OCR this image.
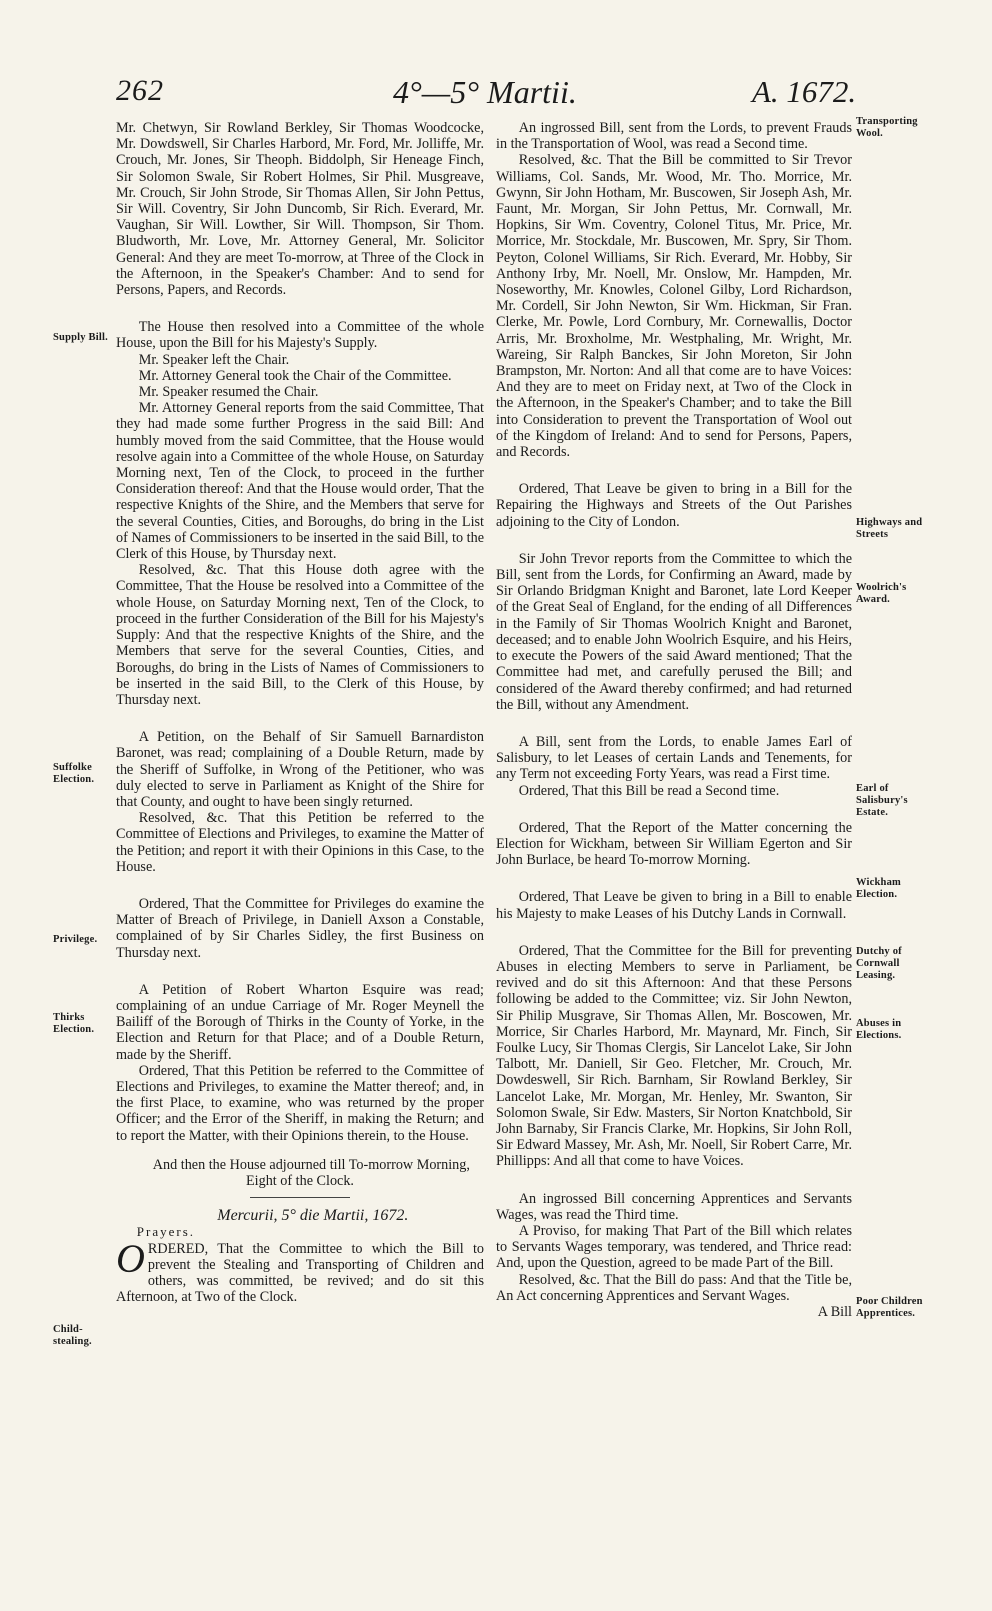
262	4°—5° Martii.	A. 1672.
Supply Bill.
Suffolke Election.
Privilege.
Thirks Election.
Child-stealing.
Transporting Wool.
Highways and Streets
Woolrich's Award.
Earl of Salisbury's Estate.
Wickham Election.
Dutchy of Cornwall Leasing.
Abuses in Elections.
Poor Children Apprentices.

Mr. Chetwyn, Sir Rowland Berkley, Sir Thomas Woodcocke, Mr. Dowdswell, Sir Charles Harbord, Mr. Ford, Mr. Jolliffe, Mr. Crouch, Mr. Jones, Sir Theoph. Biddolph, Sir Heneage Finch, Sir Solomon Swale, Sir Robert Holmes, Sir Phil. Musgreave, Mr. Crouch, Sir John Strode, Sir Thomas Allen, Sir John Pettus, Sir Will. Coventry, Sir John Duncomb, Sir Rich. Everard, Mr. Vaughan, Sir Will. Lowther, Sir Will. Thompson, Sir Thom. Bludworth, Mr. Love, Mr. Attorney General, Mr. Solicitor General: And they are meet To-morrow, at Three of the Clock in the Afternoon, in the Speaker's Chamber: And to send for Persons, Papers, and Records.

The House then resolved into a Committee of the whole House, upon the Bill for his Majesty's Supply.

Mr. Speaker left the Chair.

Mr. Attorney General took the Chair of the Committee.

Mr. Speaker resumed the Chair.

Mr. Attorney General reports from the said Committee, That they had made some further Progress in the said Bill: And humbly moved from the said Committee, that the House would resolve again into a Committee of the whole House, on Saturday Morning next, Ten of the Clock, to proceed in the further Consideration thereof: And that the House would order, That the respective Knights of the Shire, and the Members that serve for the several Counties, Cities, and Boroughs, do bring in the List of Names of Commissioners to be inserted in the said Bill, to the Clerk of this House, by Thursday next.

Resolved, &c. That this House doth agree with the Committee, That the House be resolved into a Committee of the whole House, on Saturday Morning next, Ten of the Clock, to proceed in the further Consideration of the Bill for his Majesty's Supply: And that the respective Knights of the Shire, and the Members that serve for the several Counties, Cities, and Boroughs, do bring in the Lists of Names of Commissioners to be inserted in the said Bill, to the Clerk of this House, by Thursday next.

A Petition, on the Behalf of Sir Samuell Barnardiston Baronet, was read; complaining of a Double Return, made by the Sheriff of Suffolke, in Wrong of the Petitioner, who was duly elected to serve in Parliament as Knight of the Shire for that County, and ought to have been singly returned.

Resolved, &c. That this Petition be referred to the Committee of Elections and Privileges, to examine the Matter of the Petition; and report it with their Opinions in this Case, to the House.

Ordered, That the Committee for Privileges do examine the Matter of Breach of Privilege, in Daniell Axson a Constable, complained of by Sir Charles Sidley, the first Business on Thursday next.

A Petition of Robert Wharton Esquire was read; complaining of an undue Carriage of Mr. Roger Meynell the Bailiff of the Borough of Thirks in the County of Yorke, in the Election and Return for that Place; and of a Double Return, made by the Sheriff.

Ordered, That this Petition be referred to the Committee of Elections and Privileges, to examine the Matter thereof; and, in the first Place, to examine, who was returned by the proper Officer; and the Error of the Sheriff, in making the Return; and to report the Matter, with their Opinions therein, to the House.

And then the House adjourned till To-morrow Morning, Eight of the Clock.

Mercurii, 5° die Martii, 1672.

Prayers.

ORDERED, That the Committee to which the Bill to prevent the Stealing and Transporting of Children and others, was committed, be revived; and do sit this Afternoon, at Two of the Clock.

An ingrossed Bill, sent from the Lords, to prevent Frauds in the Transportation of Wool, was read a Second time.

Resolved, &c. That the Bill be committed to Sir Trevor Williams, Col. Sands, Mr. Wood, Mr. Tho. Morrice, Mr. Gwynn, Sir John Hotham, Mr. Buscowen, Sir Joseph Ash, Mr. Faunt, Mr. Morgan, Sir John Pettus, Mr. Cornwall, Mr. Hopkins, Sir Wm. Coventry, Colonel Titus, Mr. Price, Mr. Morrice, Mr. Stockdale, Mr. Buscowen, Mr. Spry, Sir Thom. Peyton, Colonel Williams, Sir Rich. Everard, Mr. Hobby, Sir Anthony Irby, Mr. Noell, Mr. Onslow, Mr. Hampden, Mr. Noseworthy, Mr. Knowles, Colonel Gilby, Lord Richardson, Mr. Cordell, Sir John Newton, Sir Wm. Hickman, Sir Fran. Clerke, Mr. Powle, Lord Cornbury, Mr. Cornewallis, Doctor Arris, Mr. Broxholme, Mr. Westphaling, Mr. Wright, Mr. Wareing, Sir Ralph Banckes, Sir John Moreton, Sir John Brampston, Mr. Norton: And all that come are to have Voices: And they are to meet on Friday next, at Two of the Clock in the Afternoon, in the Speaker's Chamber; and to take the Bill into Consideration to prevent the Transportation of Wool out of the Kingdom of Ireland: And to send for Persons, Papers, and Records.

Ordered, That Leave be given to bring in a Bill for the Repairing the Highways and Streets of the Out Parishes adjoining to the City of London.

Sir John Trevor reports from the Committee to which the Bill, sent from the Lords, for Confirming an Award, made by Sir Orlando Bridgman Knight and Baronet, late Lord Keeper of the Great Seal of England, for the ending of all Differences in the Family of Sir Thomas Woolrich Knight and Baronet, deceased; and to enable John Woolrich Esquire, and his Heirs, to execute the Powers of the said Award mentioned; That the Committee had met, and carefully perused the Bill; and considered of the Award thereby confirmed; and had returned the Bill, without any Amendment.

A Bill, sent from the Lords, to enable James Earl of Salisbury, to let Leases of certain Lands and Tenements, for any Term not exceeding Forty Years, was read a First time.

Ordered, That this Bill be read a Second time.

Ordered, That the Report of the Matter concerning the Election for Wickham, between Sir William Egerton and Sir John Burlace, be heard To-morrow Morning.

Ordered, That Leave be given to bring in a Bill to enable his Majesty to make Leases of his Dutchy Lands in Cornwall.

Ordered, That the Committee for the Bill for preventing Abuses in electing Members to serve in Parliament, be revived and do sit this Afternoon: And that these Persons following be added to the Committee; viz. Sir John Newton, Sir Philip Musgrave, Sir Thomas Allen, Mr. Boscowen, Mr. Morrice, Sir Charles Harbord, Mr. Maynard, Mr. Finch, Sir Foulke Lucy, Sir Thomas Clergis, Sir Lancelot Lake, Sir John Talbott, Mr. Daniell, Sir Geo. Fletcher, Mr. Crouch, Mr. Dowdeswell, Sir Rich. Barnham, Sir Rowland Berkley, Sir Lancelot Lake, Mr. Morgan, Mr. Henley, Mr. Swanton, Sir Solomon Swale, Sir Edw. Masters, Sir Norton Knatchbold, Sir John Barnaby, Sir Francis Clarke, Mr. Hopkins, Sir John Roll, Sir Edward Massey, Mr. Ash, Mr. Noell, Sir Robert Carre, Mr. Phillipps: And all that come to have Voices.

An ingrossed Bill concerning Apprentices and Servants Wages, was read the Third time.

A Proviso, for making That Part of the Bill which relates to Servants Wages temporary, was tendered, and Thrice read: And, upon the Question, agreed to be made Part of the Bill.

Resolved, &c. That the Bill do pass: And that the Title be, An Act concerning Apprentices and Servant Wages.

A Bill
